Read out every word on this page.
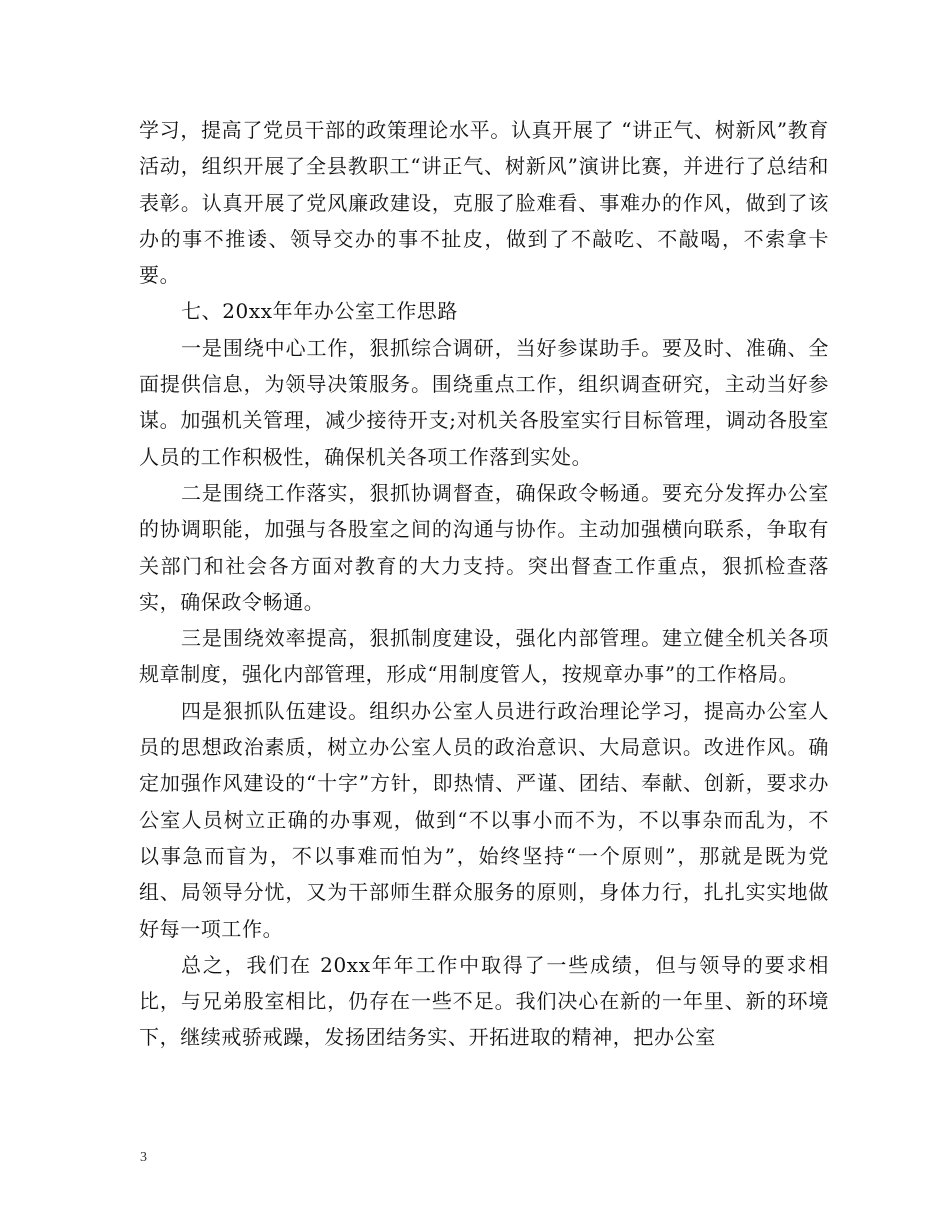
学习，提高了党员干部的政策理论水平。认真开展了 “讲正气、树新风”教育活动，组织开展了全县教职工“讲正气、树新风”演讲比赛，并进行了总结和表彰。认真开展了党风廉政建设，克服了脸难看、事难办的作风，做到了该办的事不推诿、领导交办的事不扯皮，做到了不敲吃、不敲喝，不索拿卡要。

七、20xx年年办公室工作思路

一是围绕中心工作，狠抓综合调研，当好参谋助手。要及时、准确、全面提供信息，为领导决策服务。围绕重点工作，组织调查研究，主动当好参谋。加强机关管理，减少接待开支;对机关各股室实行目标管理，调动各股室人员的工作积极性，确保机关各项工作落到实处。

二是围绕工作落实，狠抓协调督查，确保政令畅通。要充分发挥办公室的协调职能，加强与各股室之间的沟通与协作。主动加强横向联系，争取有关部门和社会各方面对教育的大力支持。突出督查工作重点，狠抓检查落实，确保政令畅通。

三是围绕效率提高，狠抓制度建设，强化内部管理。建立健全机关各项规章制度，强化内部管理，形成“用制度管人，按规章办事”的工作格局。

四是狠抓队伍建设。组织办公室人员进行政治理论学习，提高办公室人员的思想政治素质，树立办公室人员的政治意识、大局意识。改进作风。确定加强作风建设的“十字”方针，即热情、严谨、团结、奉献、创新，要求办公室人员树立正确的办事观，做到“不以事小而不为，不以事杂而乱为，不以事急而盲为，不以事难而怕为”，始终坚持“一个原则”，那就是既为党组、局领导分忧，又为干部师生群众服务的原则，身体力行，扎扎实实地做好每一项工作。

总之，我们在 20xx年年工作中取得了一些成绩，但与领导的要求相比，与兄弟股室相比，仍存在一些不足。我们决心在新的一年里、新的环境下，继续戒骄戒躁，发扬团结务实、开拓进取的精神，把办公室

3
